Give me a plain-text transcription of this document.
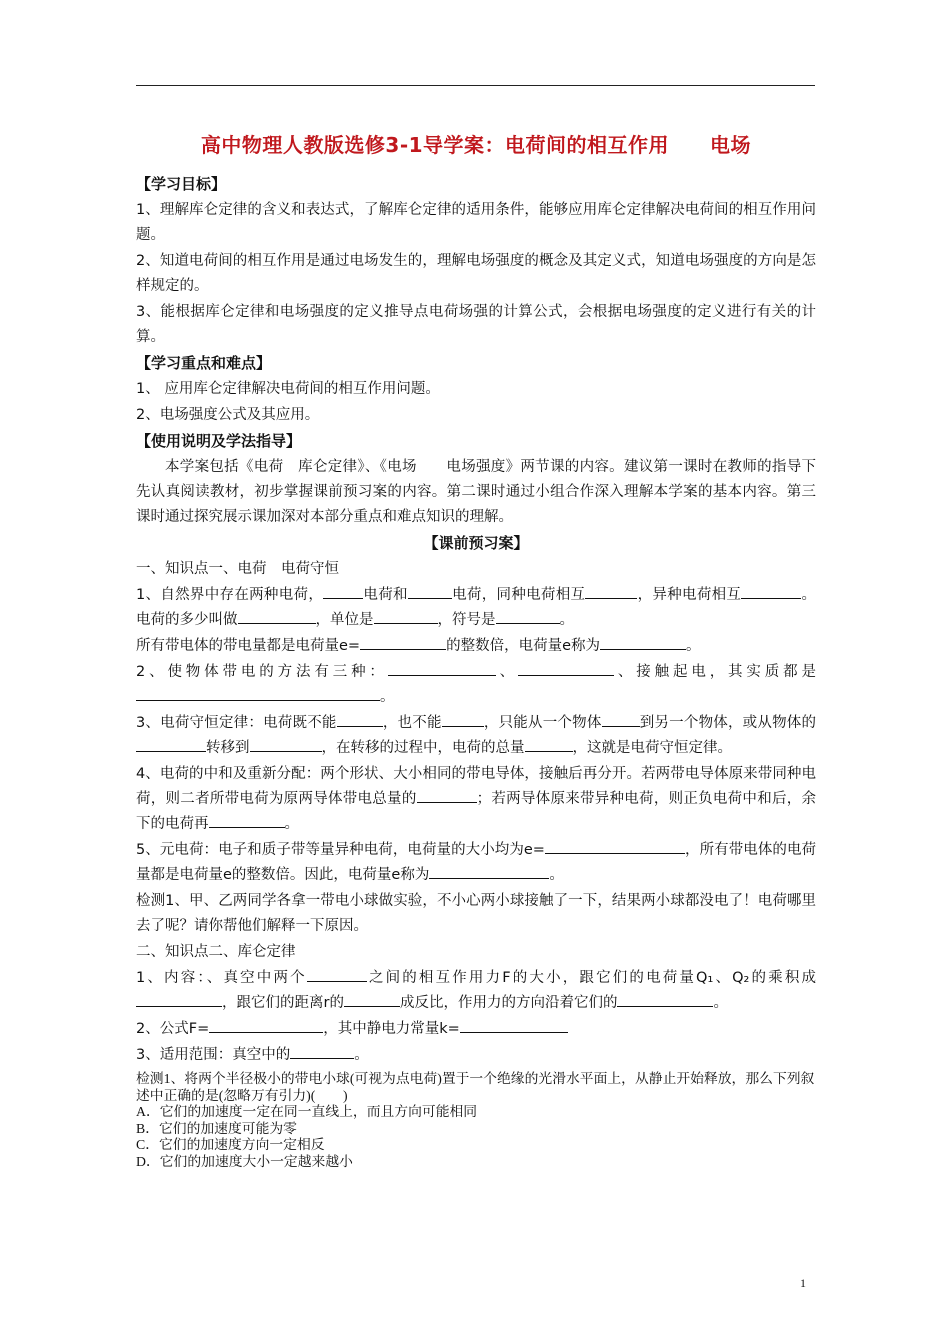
高中物理人教版选修3-1导学案：电荷间的相互作用　　电场
【学习目标】
1、理解库仑定律的含义和表达式，了解库仑定律的适用条件，能够应用库仑定律解决电荷间的相互作用问题。
2、知道电荷间的相互作用是通过电场发生的，理解电场强度的概念及其定义式，知道电场强度的方向是怎样规定的。
3、能根据库仑定律和电场强度的定义推导点电荷场强的计算公式，会根据电场强度的定义进行有关的计算。
【学习重点和难点】
1、 应用库仑定律解决电荷间的相互作用问题。
2、电场强度公式及其应用。
【使用说明及学法指导】
本学案包括《电荷　库仑定律》、《电场　　电场强度》两节课的内容。建议第一课时在教师的指导下先认真阅读教材，初步掌握课前预习案的内容。第二课时通过小组合作深入理解本学案的基本内容。第三课时通过探究展示课加深对本部分重点和难点知识的理解。
【课前预习案】
一、知识点一、电荷　电荷守恒
1、自然界中存在两种电荷，	电荷和	电荷，同种电荷相互	，异种电荷相互	。电荷的多少叫做	，单位是	，符号是	。
所有带电体的带电量都是电荷量e=	的整数倍，电荷量e称为	。
2、使物体带电的方法有三种：	、	、接触起电，其实质都是。
3、电荷守恒定律：电荷既不能	，也不能	，只能从一个物体	到另一个物体，或从物体的转移到	，在转移的过程中，电荷的总量	，这就是电荷守恒定律。
4、电荷的中和及重新分配：两个形状、大小相同的带电导体，接触后再分开。若两带电导体原来带同种电荷，则二者所带电荷为原两导体带电总量的	；若两导体原来带异种电荷，则正负电荷中和后，余下的电荷再	。
5、元电荷：电子和质子带等量异种电荷，电荷量的大小均为e=	，所有带电体的电荷量都是电荷量e的整数倍。因此，电荷量e称为	。
检测1、甲、乙两同学各拿一带电小球做实验，不小心两小球接触了一下，结果两小球都没电了！电荷哪里去了呢？请你帮他们解释一下原因。
二、知识点二、库仑定律
1、内容：、真空中两个	之间的相互作用力F的大小，跟它们的电荷量Q₁、Q₂的乘积成，跟它们的距离r的	成反比，作用力的方向沿着它们的	。
2、公式F=	，其中静电力常量k=
3、适用范围：真空中的	。
检测1、将两个半径极小的带电小球(可视为点电荷)置于一个绝缘的光滑水平面上，从静止开始释放，那么下列叙述中正确的是(忽略万有引力)(　　)
A．它们的加速度一定在同一直线上，而且方向可能相同
B．它们的加速度可能为零
C．它们的加速度方向一定相反
D．它们的加速度大小一定越来越小
1
